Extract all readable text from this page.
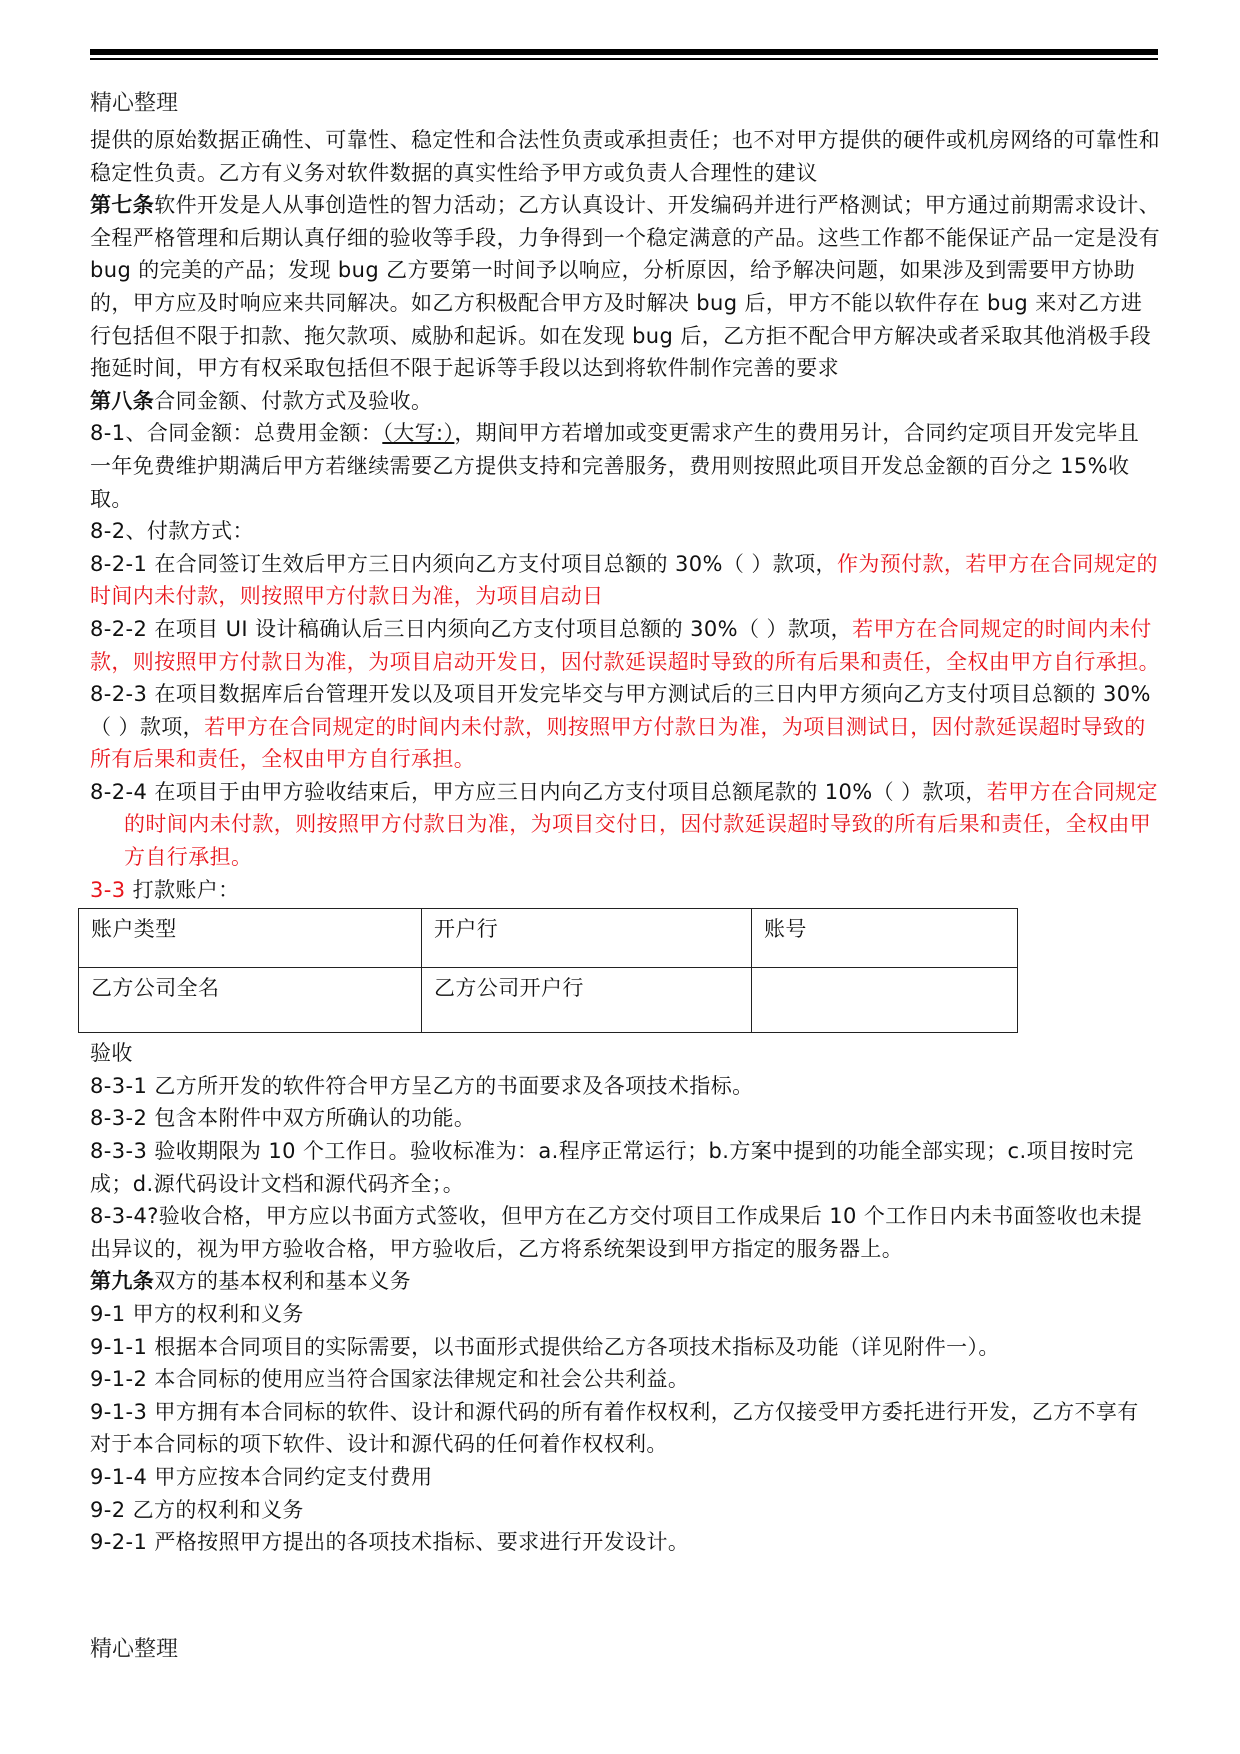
精心整理

提供的原始数据正确性、可靠性、稳定性和合法性负责或承担责任；也不对甲方提供的硬件或机房网络的可靠性和稳定性负责。乙方有义务对软件数据的真实性给予甲方或负责人合理性的建议

第七条软件开发是人从事创造性的智力活动；乙方认真设计、开发编码并进行严格测试；甲方通过前期需求设计、全程严格管理和后期认真仔细的验收等手段，力争得到一个稳定满意的产品。这些工作都不能保证产品一定是没有 bug 的完美的产品；发现 bug 乙方要第一时间予以响应，分析原因，给予解决问题，如果涉及到需要甲方协助的，甲方应及时响应来共同解决。如乙方积极配合甲方及时解决 bug 后，甲方不能以软件存在 bug 来对乙方进行包括但不限于扣款、拖欠款项、威胁和起诉。如在发现 bug 后，乙方拒不配合甲方解决或者采取其他消极手段拖延时间，甲方有权采取包括但不限于起诉等手段以达到将软件制作完善的要求

第八条合同金额、付款方式及验收。

8-1、合同金额：总费用金额：（大写:），期间甲方若增加或变更需求产生的费用另计，合同约定项目开发完毕且一年免费维护期满后甲方若继续需要乙方提供支持和完善服务，费用则按照此项目开发总金额的百分之 15%收取。

8-2、付款方式：

8-2-1 在合同签订生效后甲方三日内须向乙方支付项目总额的 30%（ ）款项，作为预付款，若甲方在合同规定的时间内未付款，则按照甲方付款日为准，为项目启动日

8-2-2 在项目 UI 设计稿确认后三日内须向乙方支付项目总额的 30%（ ）款项，若甲方在合同规定的时间内未付款，则按照甲方付款日为准，为项目启动开发日，因付款延误超时导致的所有后果和责任，全权由甲方自行承担。

8-2-3 在项目数据库后台管理开发以及项目开发完毕交与甲方测试后的三日内甲方须向乙方支付项目总额的 30%（ ）款项，若甲方在合同规定的时间内未付款，则按照甲方付款日为准，为项目测试日，因付款延误超时导致的所有后果和责任，全权由甲方自行承担。

8-2-4 在项目于由甲方验收结束后，甲方应三日内向乙方支付项目总额尾款的 10%（ ）款项，若甲方在合同规定的时间内未付款，则按照甲方付款日为准，为项目交付日，因付款延误超时导致的所有后果和责任，全权由甲方自行承担。

3-3 打款账户：

账户类型	开户行	账号
乙方公司全名	乙方公司开户行	

验收

8-3-1 乙方所开发的软件符合甲方呈乙方的书面要求及各项技术指标。

8-3-2 包含本附件中双方所确认的功能。

8-3-3 验收期限为 10 个工作日。验收标准为：a.程序正常运行；b.方案中提到的功能全部实现；c.项目按时完成；d.源代码设计文档和源代码齐全；。

8-3-4?验收合格，甲方应以书面方式签收，但甲方在乙方交付项目工作成果后 10 个工作日内未书面签收也未提出异议的，视为甲方验收合格，甲方验收后，乙方将系统架设到甲方指定的服务器上。

第九条双方的基本权利和基本义务

9-1 甲方的权利和义务

9-1-1 根据本合同项目的实际需要，以书面形式提供给乙方各项技术指标及功能（详见附件一）。

9-1-2 本合同标的使用应当符合国家法律规定和社会公共利益。

9-1-3 甲方拥有本合同标的软件、设计和源代码的所有着作权权利，乙方仅接受甲方委托进行开发，乙方不享有对于本合同标的项下软件、设计和源代码的任何着作权权利。

9-1-4 甲方应按本合同约定支付费用

9-2 乙方的权利和义务

9-2-1 严格按照甲方提出的各项技术指标、要求进行开发设计。

精心整理
